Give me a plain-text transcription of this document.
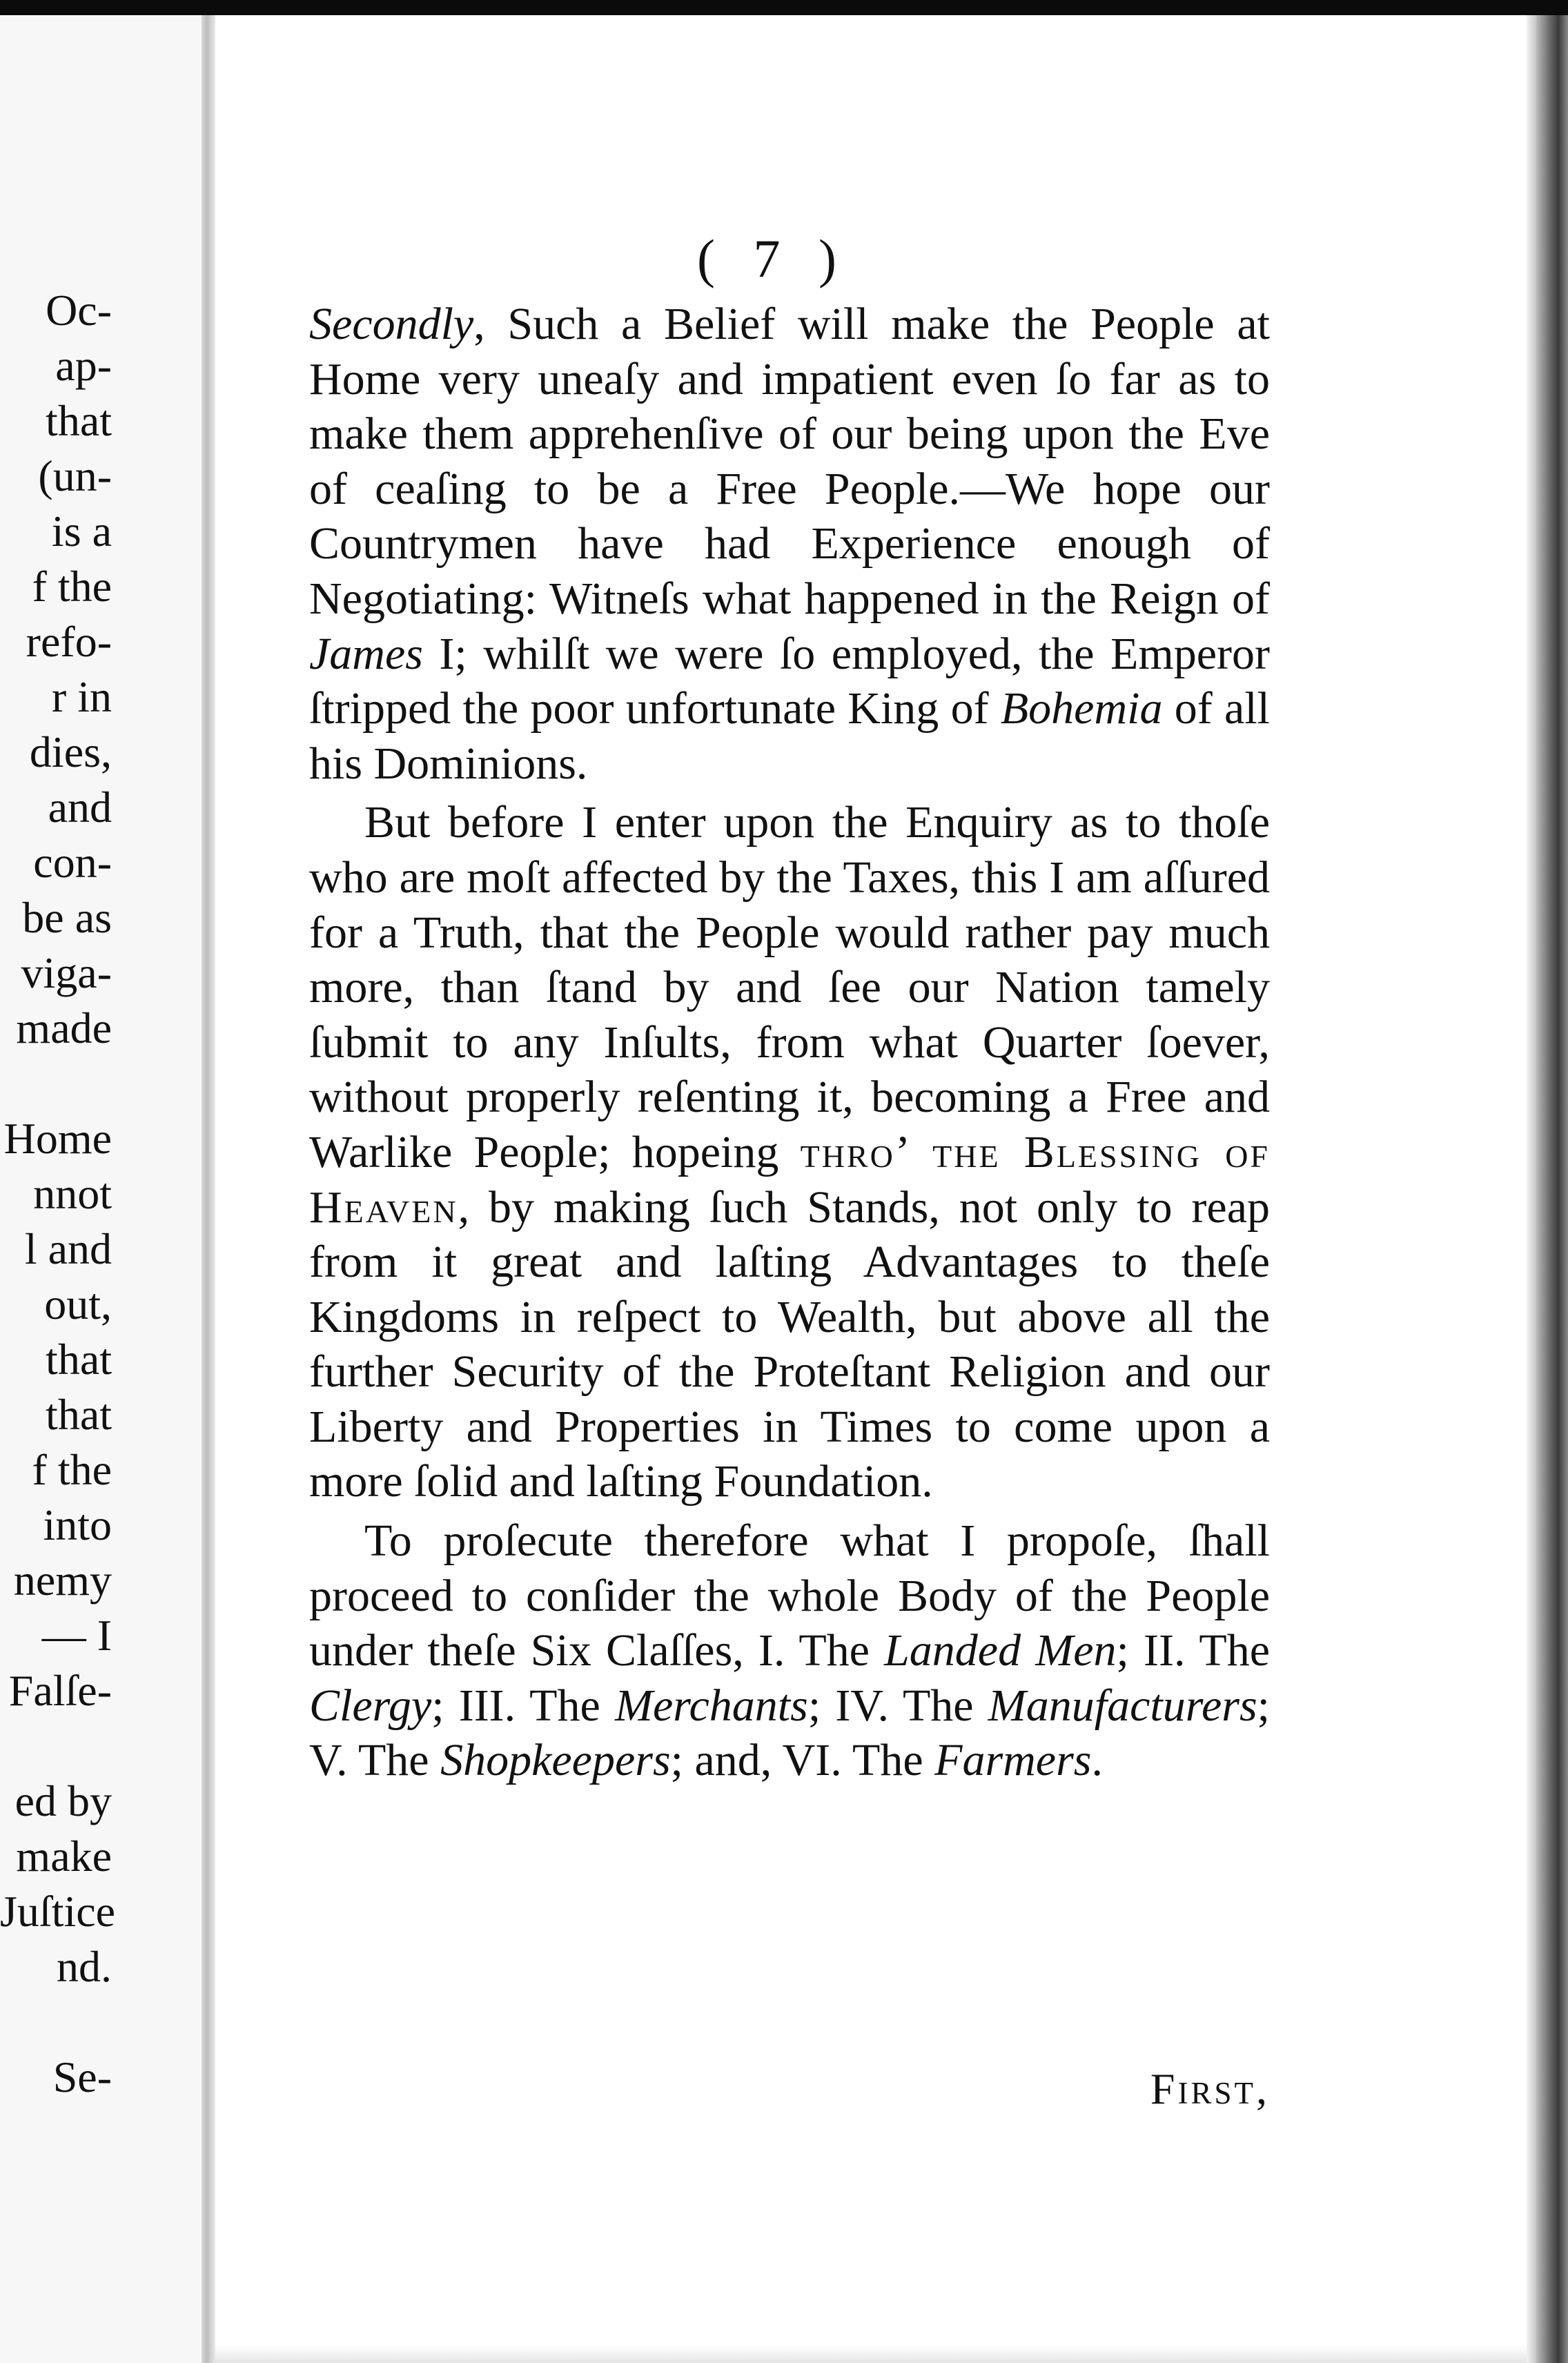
Oc-
ap-
that
(un-
is a
f the
refo-
r in
dies,
and
con-
be as
viga-
made
Home
nnot
l and
out,
that
that
f the
into
nemy
— I
Falſe-
ed by
make
Juſtice
nd.
Se-
( 7 )

Secondly, Such a Belief will make the People at Home very uneaſy and impatient even ſo far as to make them apprehenſive of our being upon the Eve of ceaſing to be a Free People.—We hope our Countrymen have had Experience enough of Negotiating: Witneſs what happened in the Reign of James I; whilſt we were ſo employed, the Emperor ſtripped the poor unfortunate King of Bohemia of all his Dominions.

But before I enter upon the Enquiry as to thoſe who are moſt affected by the Taxes, this I am aſſured for a Truth, that the People would rather pay much more, than ſtand by and ſee our Nation tamely ſubmit to any Inſults, from what Quarter ſoever, without properly reſenting it, becoming a Free and Warlike People; hopeing thro’ the Blessing of Heaven, by making ſuch Stands, not only to reap from it great and laſting Advantages to theſe Kingdoms in reſpect to Wealth, but above all the further Security of the Proteſtant Religion and our Liberty and Properties in Times to come upon a more ſolid and laſting Foundation.

To proſecute therefore what I propoſe, ſhall proceed to conſider the whole Body of the People under theſe Six Claſſes, I. The Landed Men; II. The Clergy; III. The Merchants; IV. The Manufacturers; V. The Shopkeepers; and, VI. The Farmers.

First,
